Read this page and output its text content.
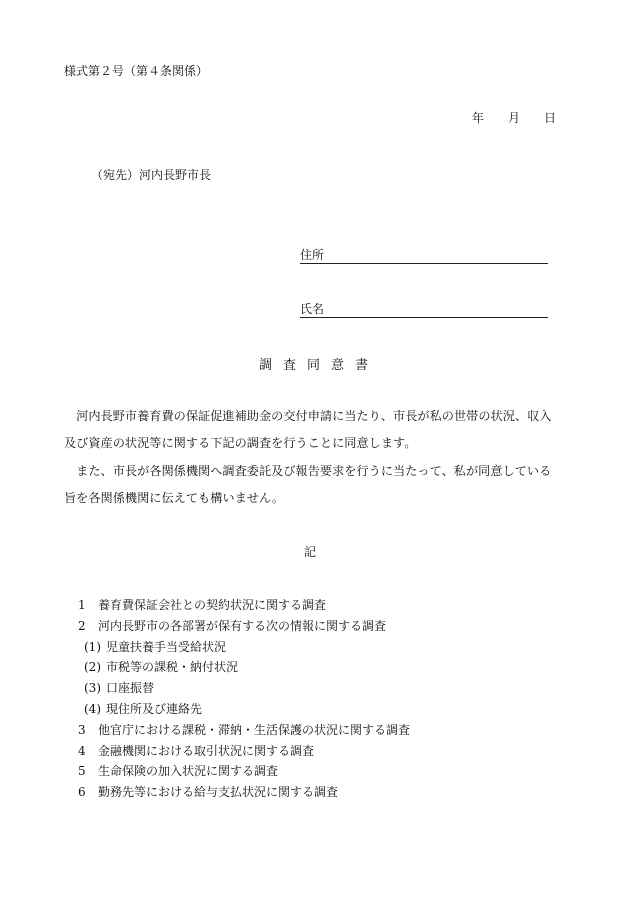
様式第２号（第４条関係）
年 月 日
（宛先）河内長野市長
住所
氏名
調査同意書
　河内長野市養育費の保証促進補助金の交付申請に当たり、市長が私の世帯の状況、収入
及び資産の状況等に関する下記の調査を行うことに同意します。
　また、市長が各関係機関へ調査委託及び報告要求を行うに当たって、私が同意している
旨を各関係機関に伝えても構いません。
記
1 養育費保証会社との契約状況に関する調査
2 河内長野市の各部署が保有する次の情報に関する調査
(1) 児童扶養手当受給状況
(2) 市税等の課税・納付状況
(3) 口座振替
(4) 現住所及び連絡先
3 他官庁における課税・滞納・生活保護の状況に関する調査
4 金融機関における取引状況に関する調査
5 生命保険の加入状況に関する調査
6 勤務先等における給与支払状況に関する調査
